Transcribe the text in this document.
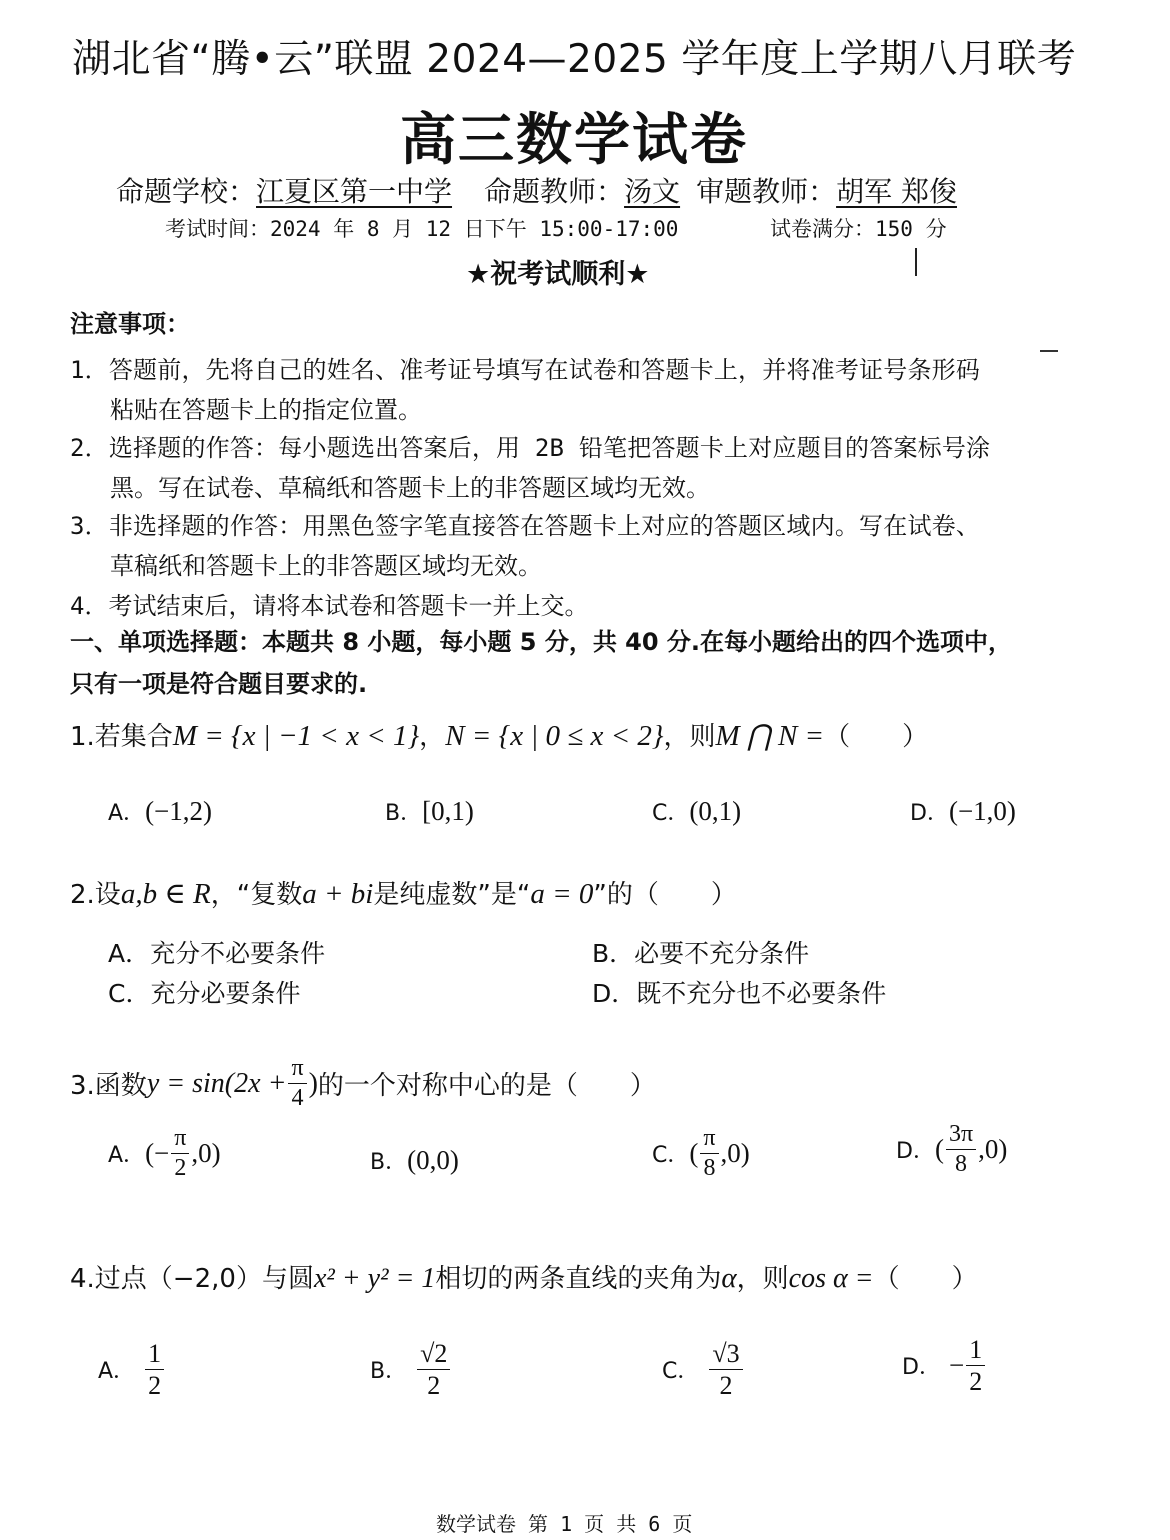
湖北省“腾•云”联盟 2024—2025 学年度上学期八月联考
高三数学试卷
命题学校：江夏区第一中学 命题教师：汤文 审题教师：胡军 郑俊
考试时间：2024 年 8 月 12 日下午 15:00-17:00	试卷满分：150 分
★祝考试顺利★
注意事项：
1．答题前，先将自己的姓名、准考证号填写在试卷和答题卡上，并将准考证号条形码
粘贴在答题卡上的指定位置。
2．选择题的作答：每小题选出答案后，用 2B 铅笔把答题卡上对应题目的答案标号涂
黑。写在试卷、草稿纸和答题卡上的非答题区域均无效。
3．非选择题的作答：用黑色签字笔直接答在答题卡上对应的答题区域内。写在试卷、
草稿纸和答题卡上的非答题区域均无效。
4．考试结束后，请将本试卷和答题卡一并上交。
一、单项选择题：本题共 8 小题，每小题 5 分，共 40 分.在每小题给出的四个选项中，
只有一项是符合题目要求的.
1.若集合M = {x | −1 < x < 1}，N = {x | 0 ≤ x < 2}，则M ⋂ N =（　　）
A．(−1,2)	B．[0,1)	C．(0,1)	D．(−1,0)
2.设a,b ∈ R，“复数a + bi是纯虚数”是“a = 0”的（　　）
A．充分不必要条件	B．必要不充分条件
C．充分必要条件	D．既不充分也不必要条件
3.函数 $y = \sin(2x + \frac{\pi}{4}$ ) 的一个对称中心的是（　　）
A． (− $\frac{\pi}{2} ,0$)	B．(0,0)	C． ( $\frac{\pi}{8} ,0$)	D． ( $\frac{3\pi}{8} ,0$)
4.过点（−2,0）与圆x² + y² = 1相切的两条直线的夹角为α，则cos α =（　　）
A． $\frac{1}{2}$	B． $\frac{√2}{2}$	C． $\frac{√3}{2}$	D． − $\frac{1}{2}$
数学试卷 第 1 页 共 6 页
